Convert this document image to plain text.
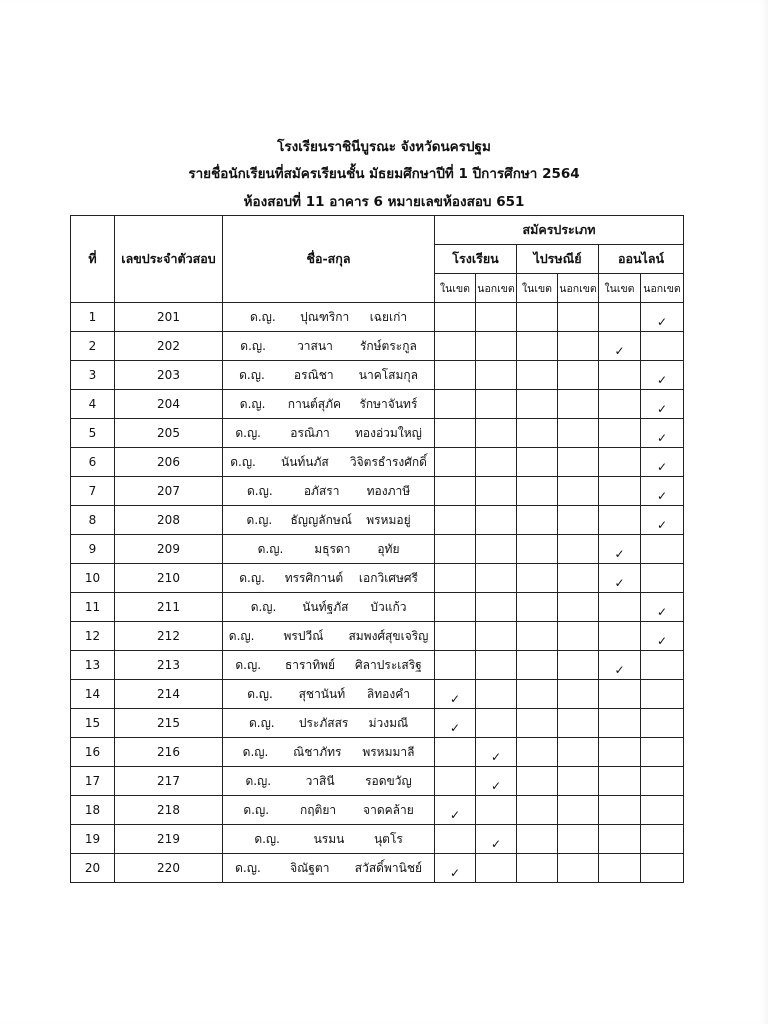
โรงเรียนราชินีบูรณะ จังหวัดนครปฐม
รายชื่อนักเรียนที่สมัครเรียนชั้น มัธยมศึกษาปีที่ 1 ปีการศึกษา 2564
ห้องสอบที่ 11 อาคาร 6 หมายเลขห้องสอบ 651
ที่	เลขประจำตัวสอบ	ชื่อ-สกุล	สมัครประเภท					
			โรงเรียน		ไปรษณีย์		ออนไลน์	
			ในเขต	นอกเขต	ในเขต	นอกเขต	ในเขต	นอกเขต
1	201	ด.ญ. ปุณฑริกา เฉยเก่า						✓
2	202	ด.ญ. วาสนา รักษ์ตระกูล					✓	
3	203	ด.ญ. อรณิชา นาคโสมกุล						✓
4	204	ด.ญ. กานต์สุภัค รักษาจันทร์						✓
5	205	ด.ญ. อรณิภา ทองอ่วมใหญ่						✓
6	206	ด.ญ. นันท์นภัส วิจิตรธำรงศักดิ์						✓
7	207	ด.ญ. อภัสรา ทองภาษี						✓
8	208	ด.ญ. ธัญญลักษณ์ พรหมอยู่						✓
9	209	ด.ญ. มธุรดา อุทัย					✓	
10	210	ด.ญ. ทรรศิกานต์ เอกวิเศษศรี					✓	
11	211	ด.ญ. นันท์ฐภัส บัวแก้ว						✓
12	212	ด.ญ. พรปวีณ์ สมพงศ์สุขเจริญ						✓
13	213	ด.ญ. ธาราทิพย์ ศิลาประเสริฐ					✓	
14	214	ด.ญ. สุชานันท์ ลิทองคำ	✓					
15	215	ด.ญ. ประภัสสร ม่วงมณี	✓					
16	216	ด.ญ. ณิชาภัทร พรหมมาลี		✓				
17	217	ด.ญ. วาสินี รอดขวัญ		✓				
18	218	ด.ญ. กฤติยา จาดคล้าย	✓					
19	219	ด.ญ. นรมน นุตโร		✓				
20	220	ด.ญ. จิณัฐตา สวัสดิ์พานิชย์	✓					
